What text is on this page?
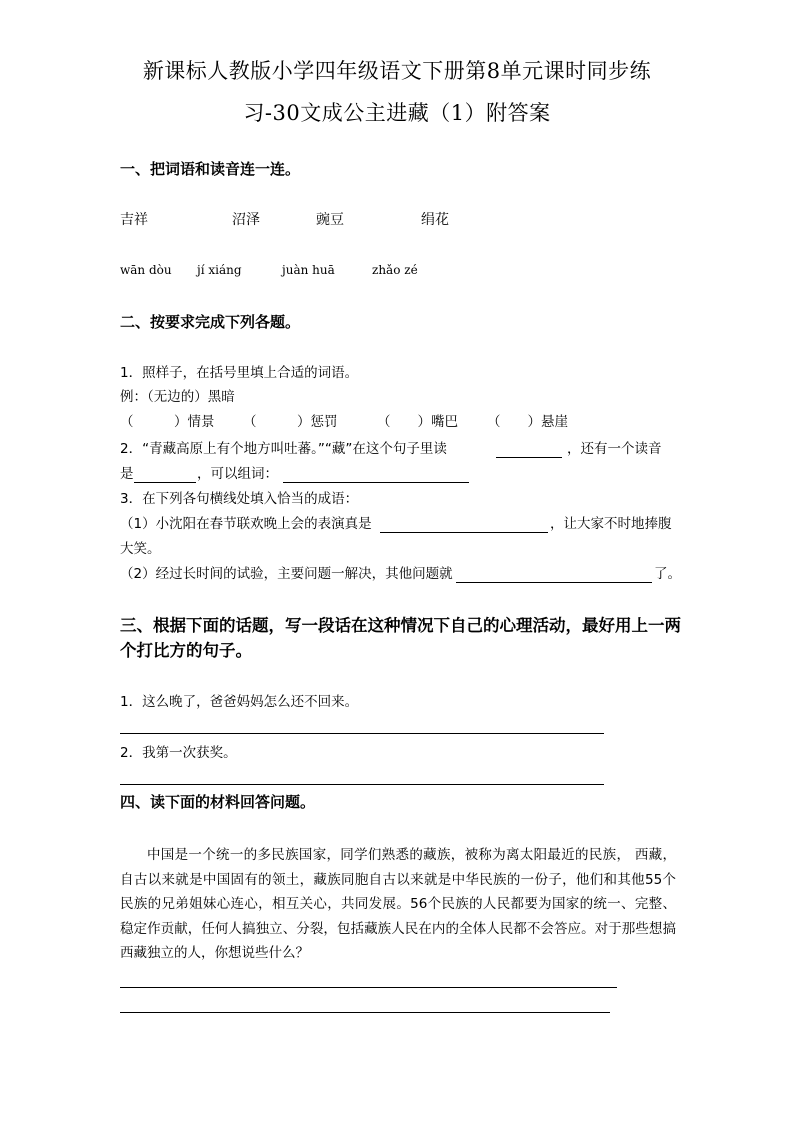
新课标人教版小学四年级语文下册第8单元课时同步练

习-30文成公主进藏（1）附答案

一、把词语和读音连一连。

吉祥	沼泽	豌豆	绢花
wān dòu jí xiáng	juàn huā	zhǎo zé

二、按要求完成下列各题。

1．照样子，在括号里填上合适的词语。

例：（无边的）黑暗

（　　　）情景 （　　　）惩罚	（　　）嘴巴 （　　）悬崖
2．“青藏高原上有个地方叫吐蕃。”“藏”在这个句子里读	，还有一个读音
是	，可以组词：

3．在下列各句横线处填入恰当的成语：

（1）小沈阳在春节联欢晚上会的表演真是	，让大家不时地捧腹
大笑。
（2）经过长时间的试验，主要问题一解决，其他问题就	了。

三、根据下面的话题，写一段话在这种情况下自己的心理活动，最好用上一两

个打比方的句子。

1．这么晚了，爸爸妈妈怎么还不回来。

2．我第一次获奖。

四、读下面的材料回答问题。

中国是一个统一的多民族国家，同学们熟悉的藏族，被称为离太阳最近的民族， 西藏，自古以来就是中国固有的领土，藏族同胞自古以来就是中华民族的一份子，他们和其他55个民族的兄弟姐妹心连心，相互关心，共同发展。56个民族的人民都要为国家的统一、完整、稳定作贡献，任何人搞独立、分裂，包括藏族人民在内的全体人民都不会答应。对于那些想搞西藏独立的人，你想说些什么？
